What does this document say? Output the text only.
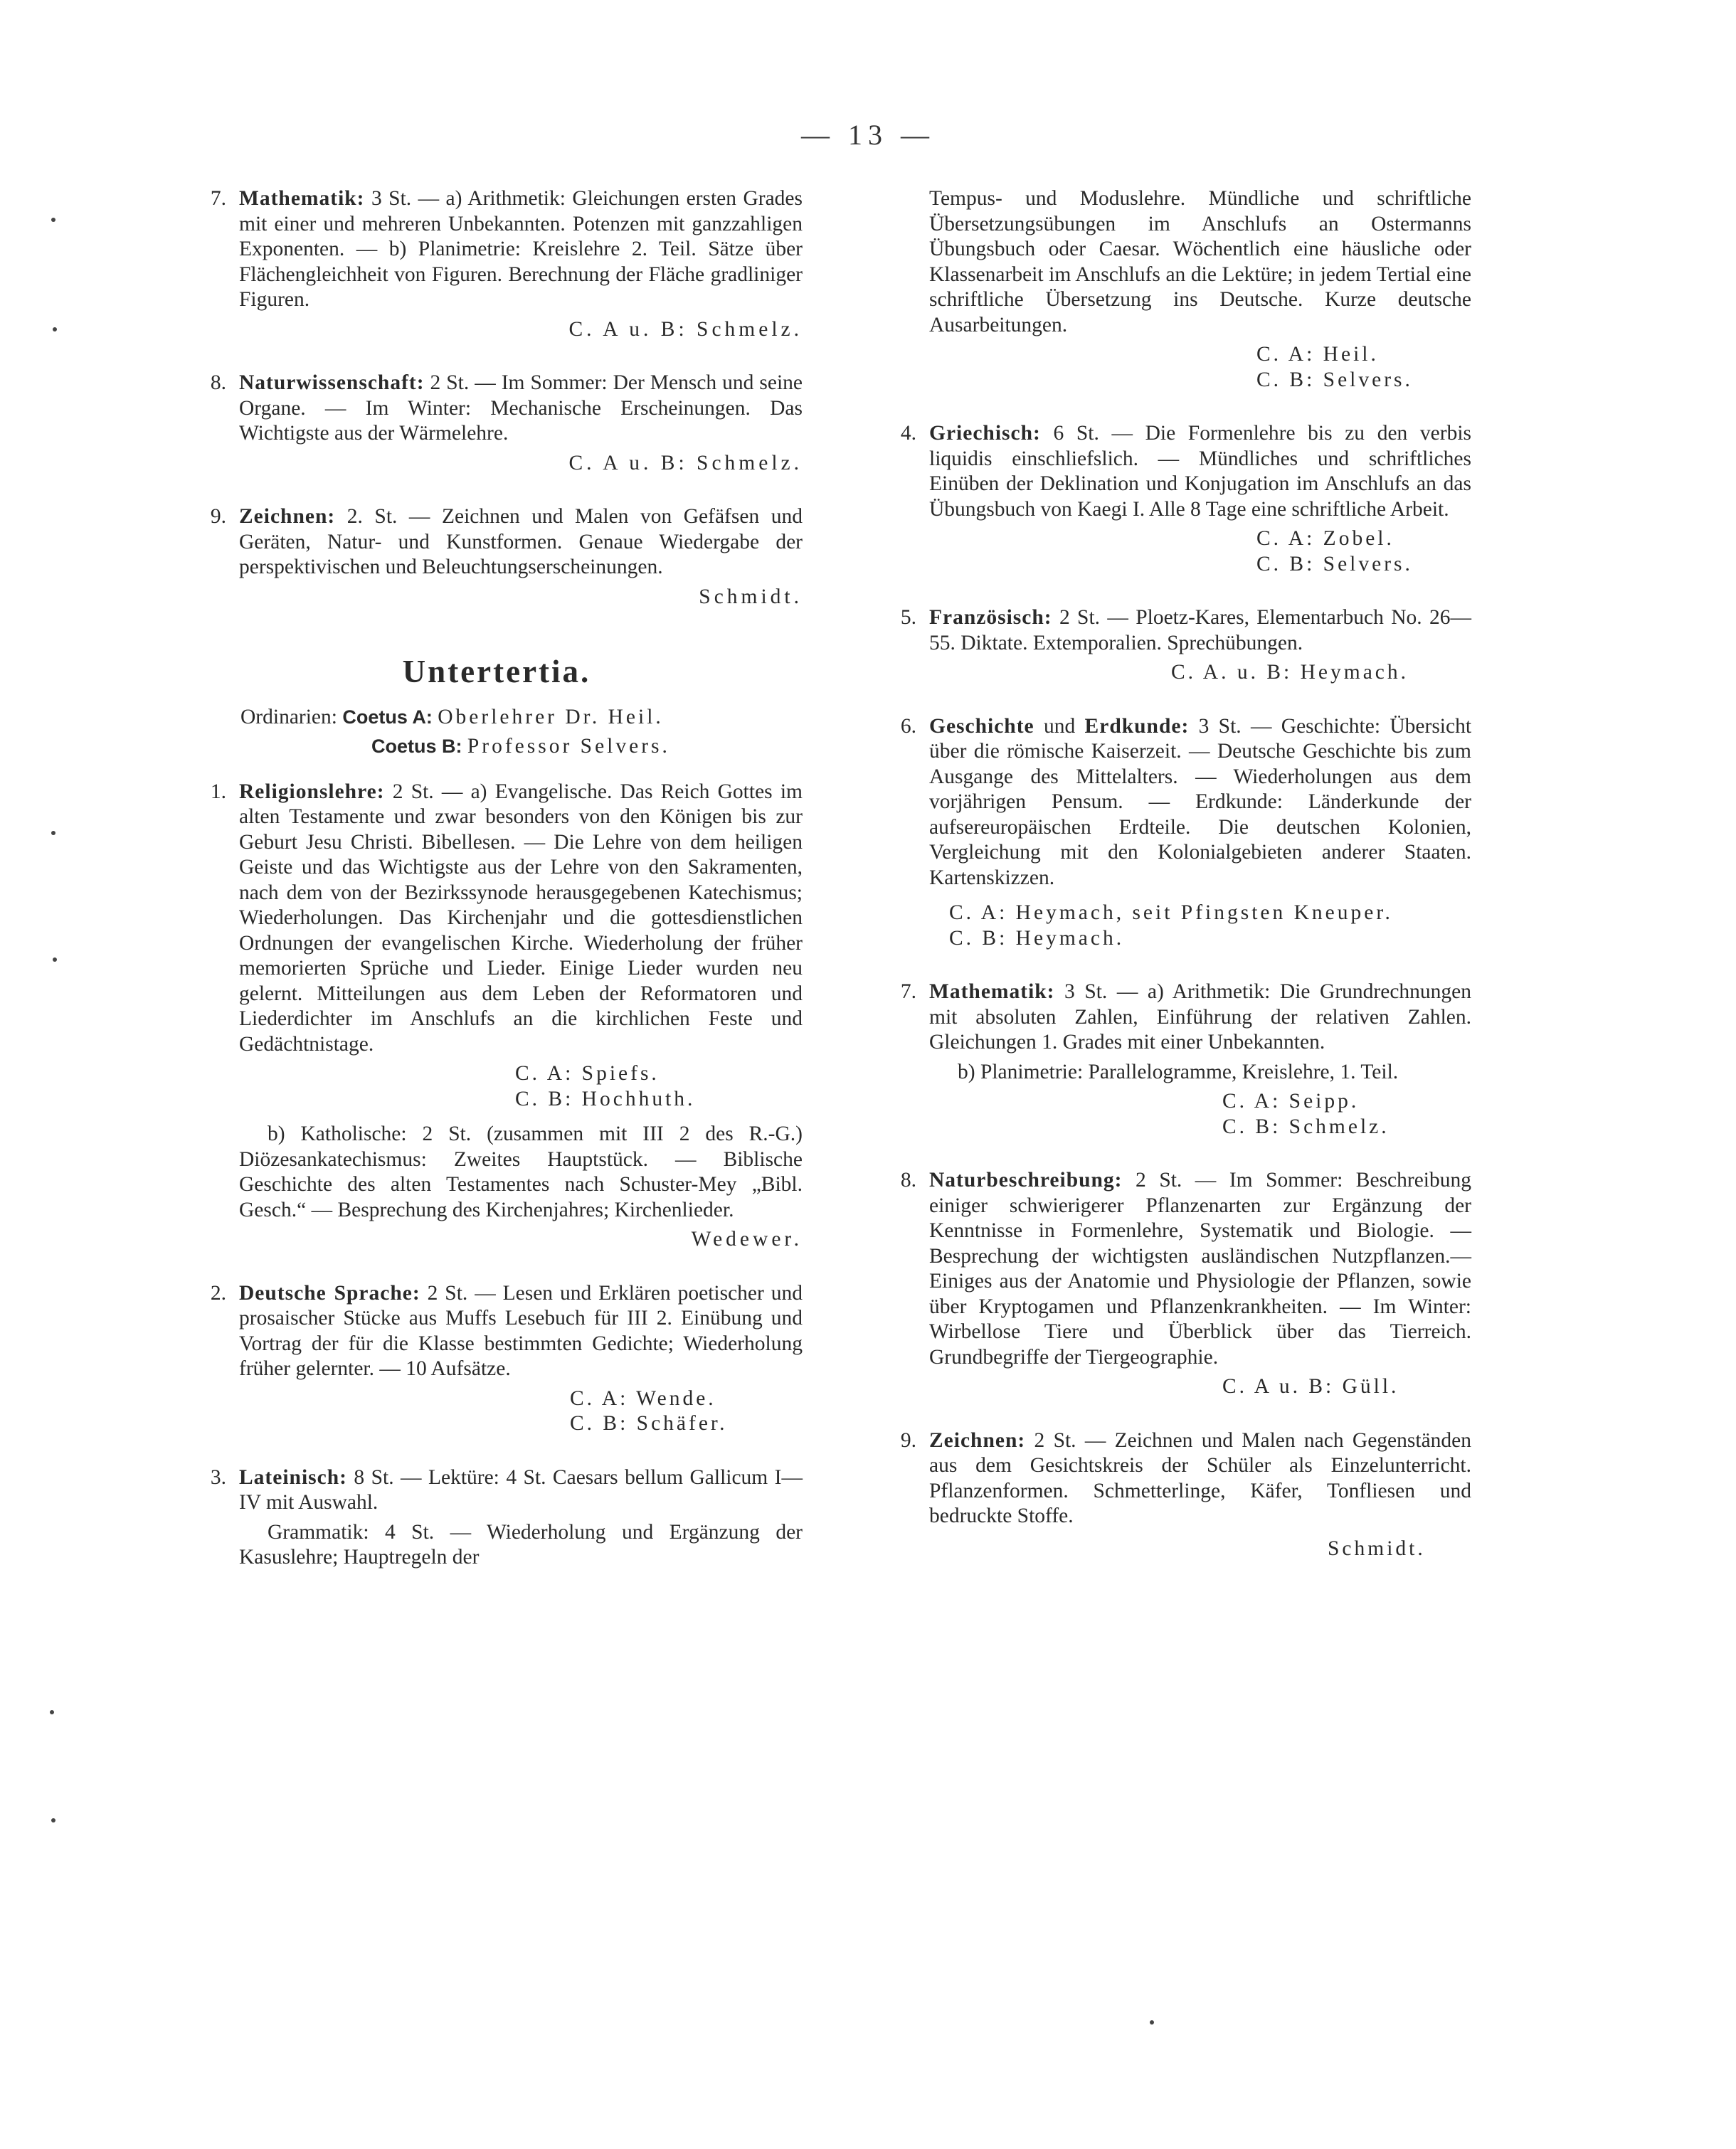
— 13 —
7. Mathematik: 3 St. — a) Arithmetik: Gleichungen ersten Grades mit einer und mehreren Unbekannten. Potenzen mit ganzzahligen Exponenten. — b) Planimetrie: Kreislehre 2. Teil. Sätze über Flächengleichheit von Figuren. Berechnung der Fläche gradliniger Figuren.
C. A u. B: Schmelz.
8. Naturwissenschaft: 2 St. — Im Sommer: Der Mensch und seine Organe. — Im Winter: Mechanische Erscheinungen. Das Wichtigste aus der Wärmelehre.
C. A u. B: Schmelz.
9. Zeichnen: 2. St. — Zeichnen und Malen von Gefäfsen und Geräten, Natur- und Kunstformen. Genaue Wiedergabe der perspektivischen und Beleuchtungserscheinungen.
Schmidt.
Untertertia.
Ordinarien: Coetus A: Oberlehrer Dr. Heil.
Coetus B: Professor Selvers.
1. Religionslehre: 2 St. — a) Evangelische. Das Reich Gottes im alten Testamente und zwar besonders von den Königen bis zur Geburt Jesu Christi. Bibellesen. — Die Lehre von dem heiligen Geiste und das Wichtigste aus der Lehre von den Sakramenten, nach dem von der Bezirkssynode herausgegebenen Katechismus; Wiederholungen. Das Kirchenjahr und die gottesdienstlichen Ordnungen der evangelischen Kirche. Wiederholung der früher memorierten Sprüche und Lieder. Einige Lieder wurden neu gelernt. Mitteilungen aus dem Leben der Reformatoren und Liederdichter im Anschlufs an die kirchlichen Feste und Gedächtnistage.

C. A: Spiefs.
C. B: Hochhuth.

b) Katholische: 2 St. (zusammen mit III 2 des R.-G.) Diözesankatechismus: Zweites Hauptstück. — Biblische Geschichte des alten Testamentes nach Schuster-Mey „Bibl. Gesch.“ — Besprechung des Kirchenjahres; Kirchenlieder.

Wedewer.
2. Deutsche Sprache: 2 St. — Lesen und Erklären poetischer und prosaischer Stücke aus Muffs Lesebuch für III 2. Einübung und Vortrag der für die Klasse bestimmten Gedichte; Wiederholung früher gelernter. — 10 Aufsätze.
C. A: Wende.
C. B: Schäfer.
3. Lateinisch: 8 St. — Lektüre: 4 St. Caesars bellum Gallicum I—IV mit Auswahl.

Grammatik: 4 St. — Wiederholung und Ergänzung der Kasuslehre; Hauptregeln der

Tempus- und Moduslehre. Mündliche und schriftliche Übersetzungsübungen im Anschlufs an Ostermanns Übungsbuch oder Caesar. Wöchentlich eine häusliche oder Klassenarbeit im Anschlufs an die Lektüre; in jedem Tertial eine schriftliche Übersetzung ins Deutsche. Kurze deutsche Ausarbeitungen.
C. A: Heil.
C. B: Selvers.
4. Griechisch: 6 St. — Die Formenlehre bis zu den verbis liquidis einschliefslich. — Mündliches und schriftliches Einüben der Deklination und Konjugation im Anschlufs an das Übungsbuch von Kaegi I. Alle 8 Tage eine schriftliche Arbeit.
C. A: Zobel.
C. B: Selvers.
5. Französisch: 2 St. — Ploetz-Kares, Elementarbuch No. 26—55. Diktate. Extemporalien. Sprechübungen.
C. A. u. B: Heymach.
6. Geschichte und Erdkunde: 3 St. — Geschichte: Übersicht über die römische Kaiserzeit. — Deutsche Geschichte bis zum Ausgange des Mittelalters. — Wiederholungen aus dem vorjährigen Pensum. — Erdkunde: Länderkunde der aufsereuropäischen Erdteile. Die deutschen Kolonien, Vergleichung mit den Kolonialgebieten anderer Staaten. Kartenskizzen.
C. A: Heymach, seit Pfingsten Kneuper.
C. B: Heymach.
7. Mathematik: 3 St. — a) Arithmetik: Die Grundrechnungen mit absoluten Zahlen, Einführung der relativen Zahlen. Gleichungen 1. Grades mit einer Unbekannten.

b) Planimetrie: Parallelogramme, Kreislehre, 1. Teil.

C. A: Seipp.
C. B: Schmelz.
8. Naturbeschreibung: 2 St. — Im Sommer: Beschreibung einiger schwierigerer Pflanzenarten zur Ergänzung der Kenntnisse in Formenlehre, Systematik und Biologie. — Besprechung der wichtigsten ausländischen Nutzpflanzen.—Einiges aus der Anatomie und Physiologie der Pflanzen, sowie über Kryptogamen und Pflanzenkrankheiten. — Im Winter: Wirbellose Tiere und Überblick über das Tierreich. Grundbegriffe der Tiergeographie.
C. A u. B: Güll.
9. Zeichnen: 2 St. — Zeichnen und Malen nach Gegenständen aus dem Gesichtskreis der Schüler als Einzelunterricht. Pflanzenformen. Schmetterlinge, Käfer, Tonfliesen und bedruckte Stoffe.
Schmidt.
